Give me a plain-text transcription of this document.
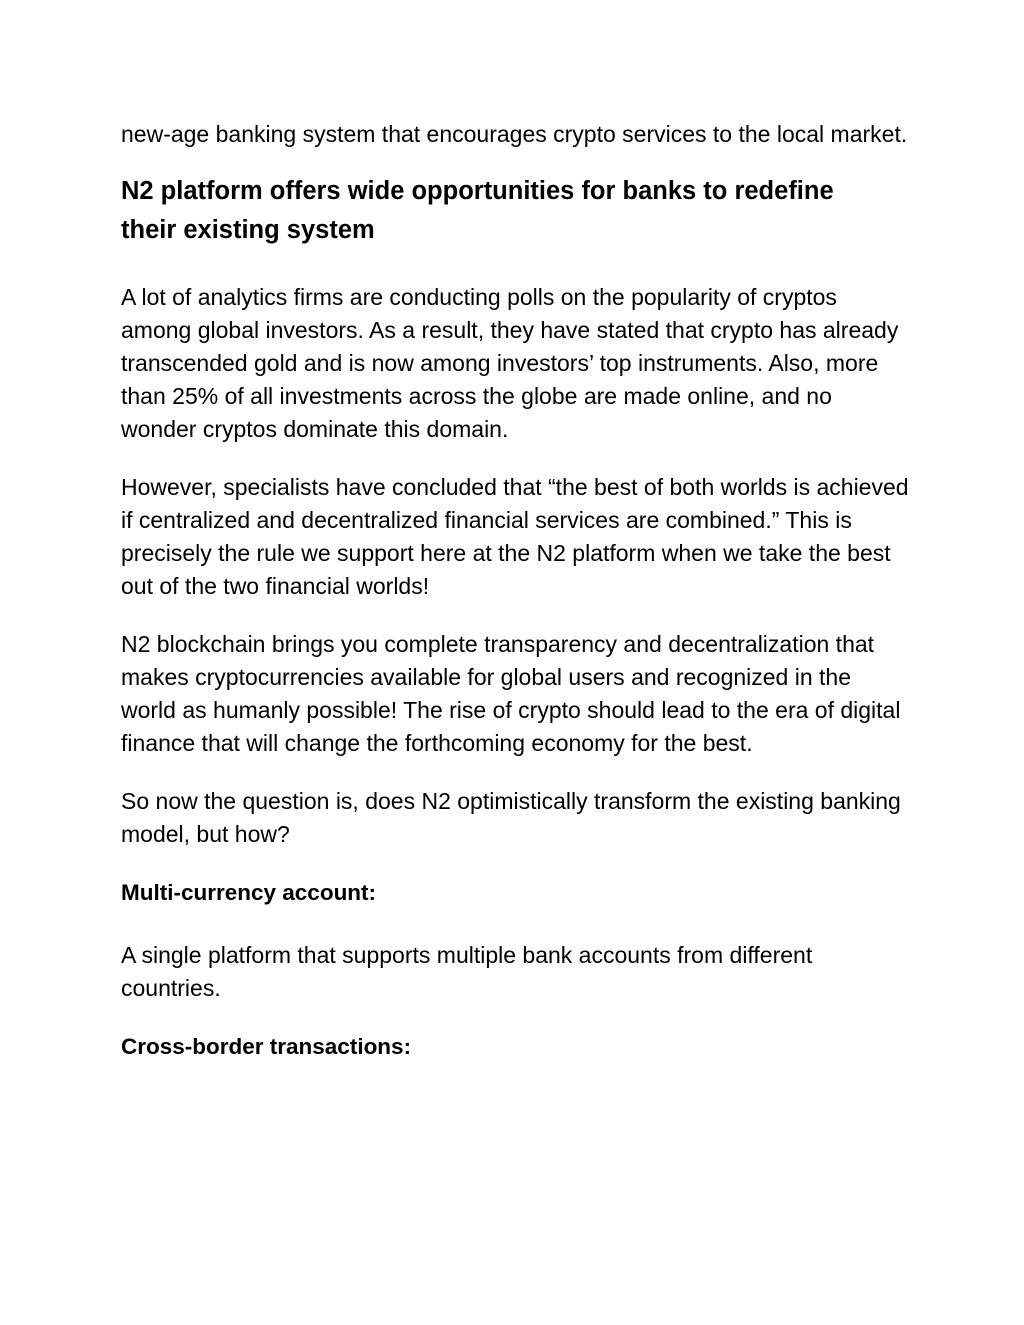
new-age banking system that encourages crypto services to the local market.

N2 platform offers wide opportunities for banks to redefine their existing system

A lot of analytics firms are conducting polls on the popularity of cryptos among global investors. As a result, they have stated that crypto has already transcended gold and is now among investors’ top instruments. Also, more than 25% of all investments across the globe are made online, and no wonder cryptos dominate this domain.

However, specialists have concluded that “the best of both worlds is achieved if centralized and decentralized financial services are combined.” This is precisely the rule we support here at the N2 platform when we take the best out of the two financial worlds!

N2 blockchain brings you complete transparency and decentralization that makes cryptocurrencies available for global users and recognized in the world as humanly possible! The rise of crypto should lead to the era of digital finance that will change the forthcoming economy for the best.

So now the question is, does N2 optimistically transform the existing banking model, but how?

Multi-currency account:

A single platform that supports multiple bank accounts from different countries.

Cross-border transactions:
